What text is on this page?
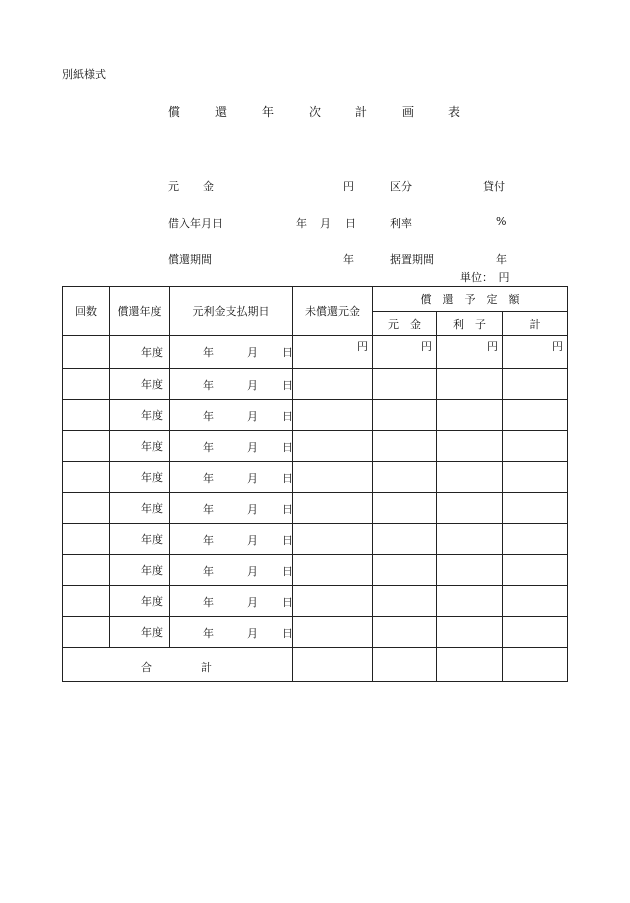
別紙様式
償	還	年	次	計	画	表
元 金	円	区分	貸付
借入年月日	年 月 日	利率	%
償還期間	年	据置期間	年
単位：　円
回数	償還年度	元利金支払期日	未償還元金	償　還　予　定　額		
				元　金	利　子	計
	年度	年 月 日	円	円	円	円
	年度	年 月 日				

	年度	年 月 日				

	年度	年 月 日				

	年度	年 月 日				

	年度	年 月 日				

	年度	年 月 日				

	年度	年 月 日				

	年度	年 月 日				

	年度	年 月 日				

合 計						
